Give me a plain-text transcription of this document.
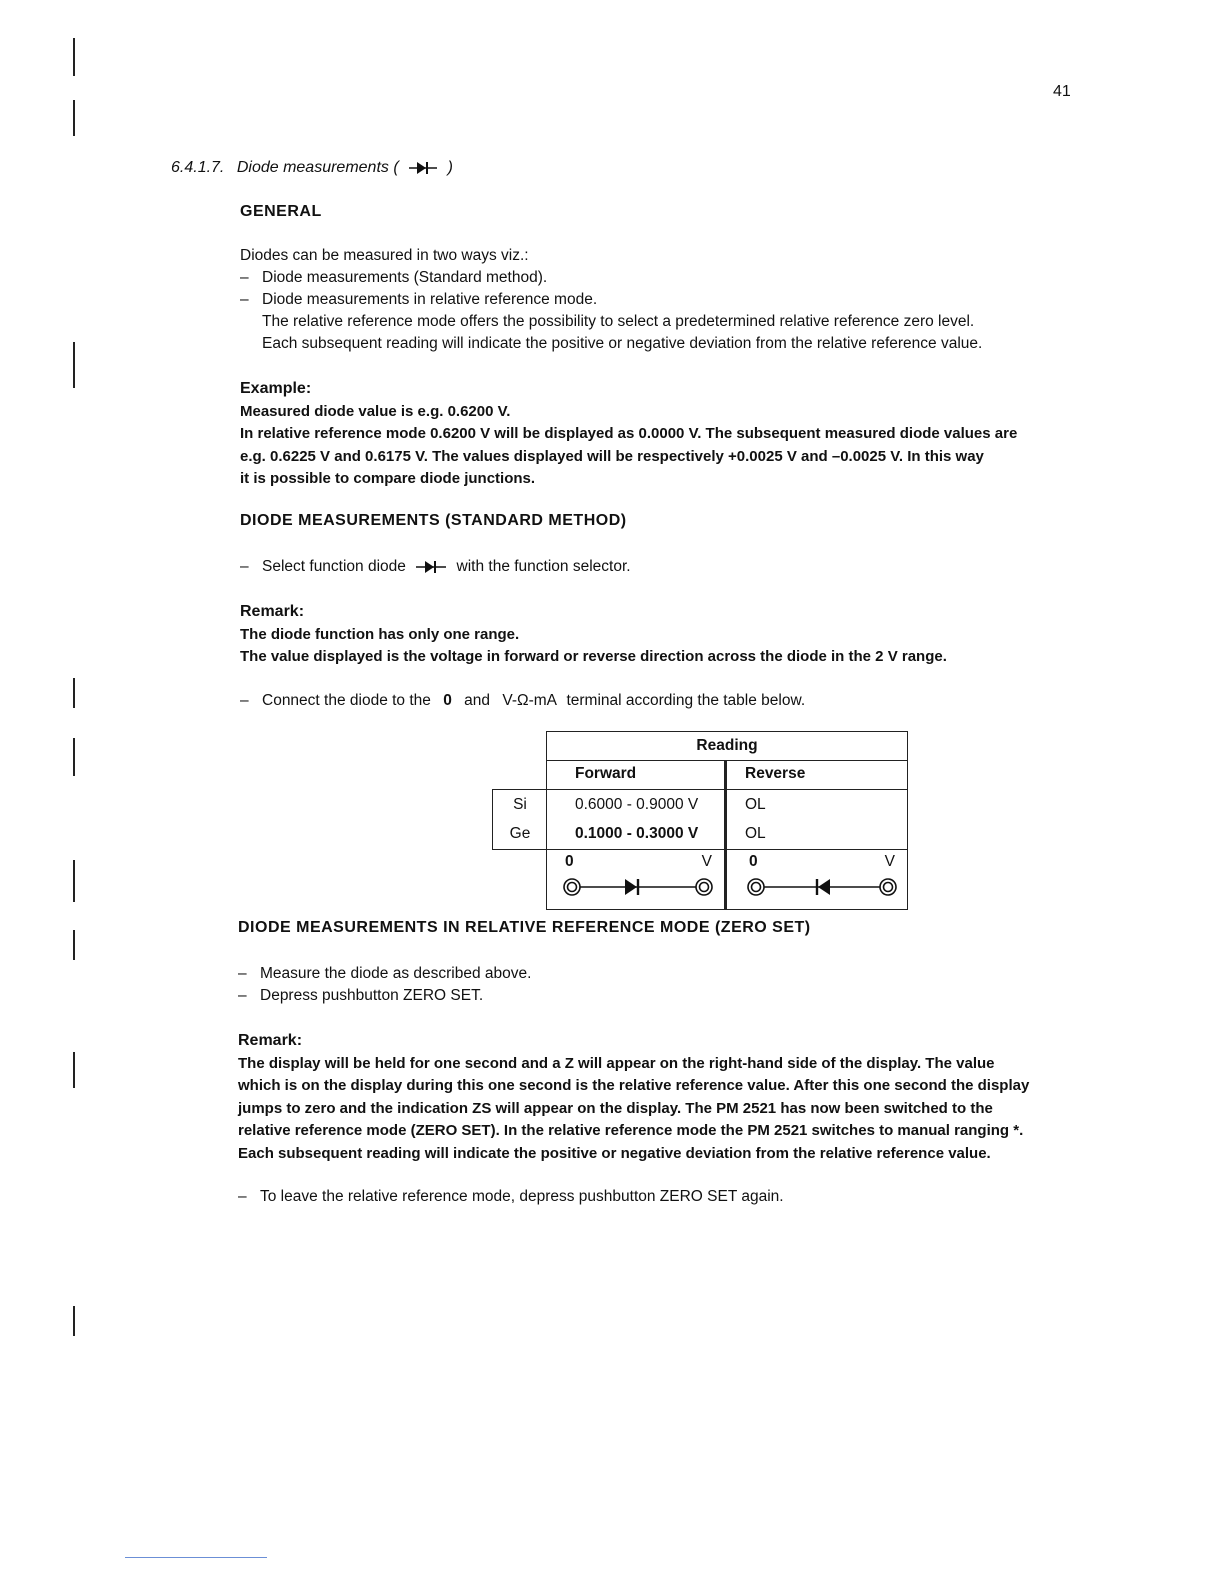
41
6.4.1.7. Diode measurements (	)
GENERAL
Diodes can be measured in two ways viz.:
– Diode measurements (Standard method).
– Diode measurements in relative reference mode.
The relative reference mode offers the possibility to select a predetermined relative reference zero level.
Each subsequent reading will indicate the positive or negative deviation from the relative reference value.
Example:
Measured diode value is e.g. 0.6200 V.
In relative reference mode 0.6200 V will be displayed as 0.0000 V. The subsequent measured diode values are
e.g. 0.6225 V and 0.6175 V. The values displayed will be respectively +0.0025 V and –0.0025 V. In this way
it is possible to compare diode junctions.
DIODE MEASUREMENTS (STANDARD METHOD)
– Select function diode	with the function selector.
Remark:
The diode function has only one range.
The value displayed is the voltage in forward or reverse direction across the diode in the 2 V range.
– Connect the diode to the 0 and V-Ω-mA terminal according the table below.
Reading
Forward	Reverse
Si	0.6000 - 0.9000 V	OL
Ge	0.1000 - 0.3000 V	OL
0	V 0	V
DIODE MEASUREMENTS IN RELATIVE REFERENCE MODE (ZERO SET)
– Measure the diode as described above.
– Depress pushbutton ZERO SET.
Remark:
The display will be held for one second and a Z will appear on the right-hand side of the display. The value
which is on the display during this one second is the relative reference value. After this one second the display
jumps to zero and the indication ZS will appear on the display. The PM 2521 has now been switched to the
relative reference mode (ZERO SET). In the relative reference mode the PM 2521 switches to manual ranging *.
Each subsequent reading will indicate the positive or negative deviation from the relative reference value.
– To leave the relative reference mode, depress pushbutton ZERO SET again.
